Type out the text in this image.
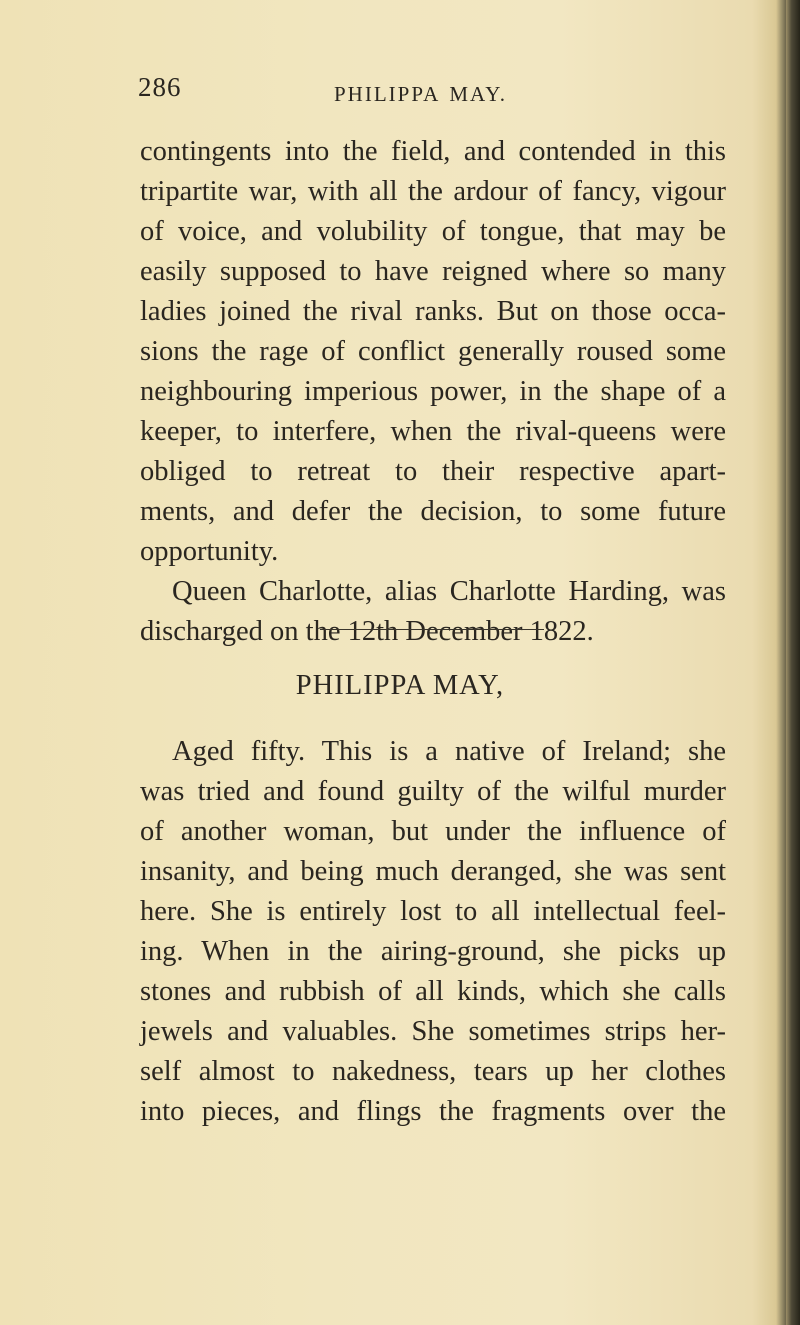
286	PHILIPPA MAY.
contingents into the field, and contended in this
tripartite war, with all the ardour of fancy, vigour
of voice, and volubility of tongue, that may be
easily supposed to have reigned where so many
ladies joined the rival ranks. But on those occa-
sions the rage of conflict generally roused some
neighbouring imperious power, in the shape of a
keeper, to interfere, when the rival-queens were
obliged to retreat to their respective apart-
ments, and defer the decision, to some future
opportunity.
Queen Charlotte, alias Charlotte Harding, was
discharged on the 12th December 1822.
PHILIPPA MAY,
Aged fifty. This is a native of Ireland; she
was tried and found guilty of the wilful murder
of another woman, but under the influence of
insanity, and being much deranged, she was sent
here. She is entirely lost to all intellectual feel-
ing. When in the airing-ground, she picks up
stones and rubbish of all kinds, which she calls
jewels and valuables. She sometimes strips her-
self almost to nakedness, tears up her clothes
into pieces, and flings the fragments over the
